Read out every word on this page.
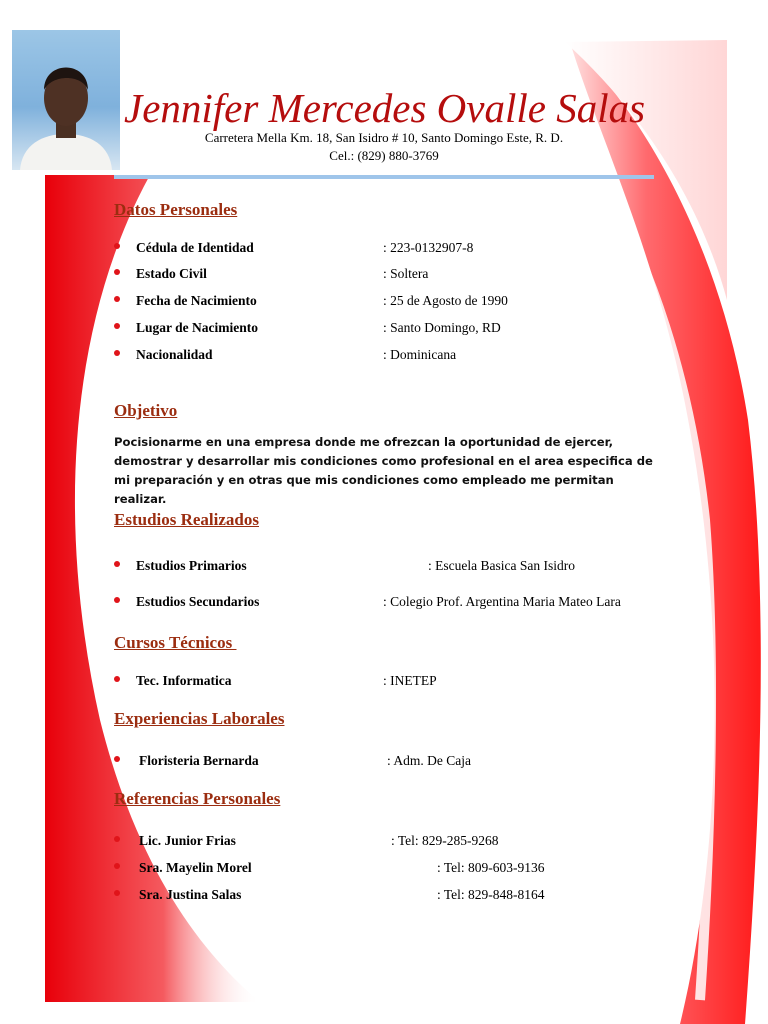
Jennifer Mercedes Ovalle Salas
Carretera Mella Km. 18, San Isidro # 10, Santo Domingo Este, R. D.
Cel.: (829) 880-3769
Datos Personales
Cédula de Identidad	: 223-0132907-8
Estado Civil	: Soltera
Fecha de Nacimiento	: 25 de Agosto de 1990
Lugar de Nacimiento	: Santo Domingo, RD
Nacionalidad	: Dominicana
Objetivo
Pocisionarme en una empresa donde me ofrezcan la oportunidad de ejercer, demostrar y desarrollar mis condiciones como profesional en el area especifica de mi preparación y en otras que mis condiciones como empleado me permitan realizar.
Estudios Realizados
Estudios Primarios	: Escuela Basica San Isidro
Estudios Secundarios	: Colegio Prof. Argentina Maria Mateo Lara
Cursos Técnicos
Tec. Informatica	: INETEP
Experiencias Laborales
Floristeria Bernarda	: Adm. De Caja
Referencias Personales
Lic. Junior Frias	: Tel: 829-285-9268
Sra. Mayelin Morel	: Tel: 809-603-9136
Sra. Justina Salas	: Tel: 829-848-8164
